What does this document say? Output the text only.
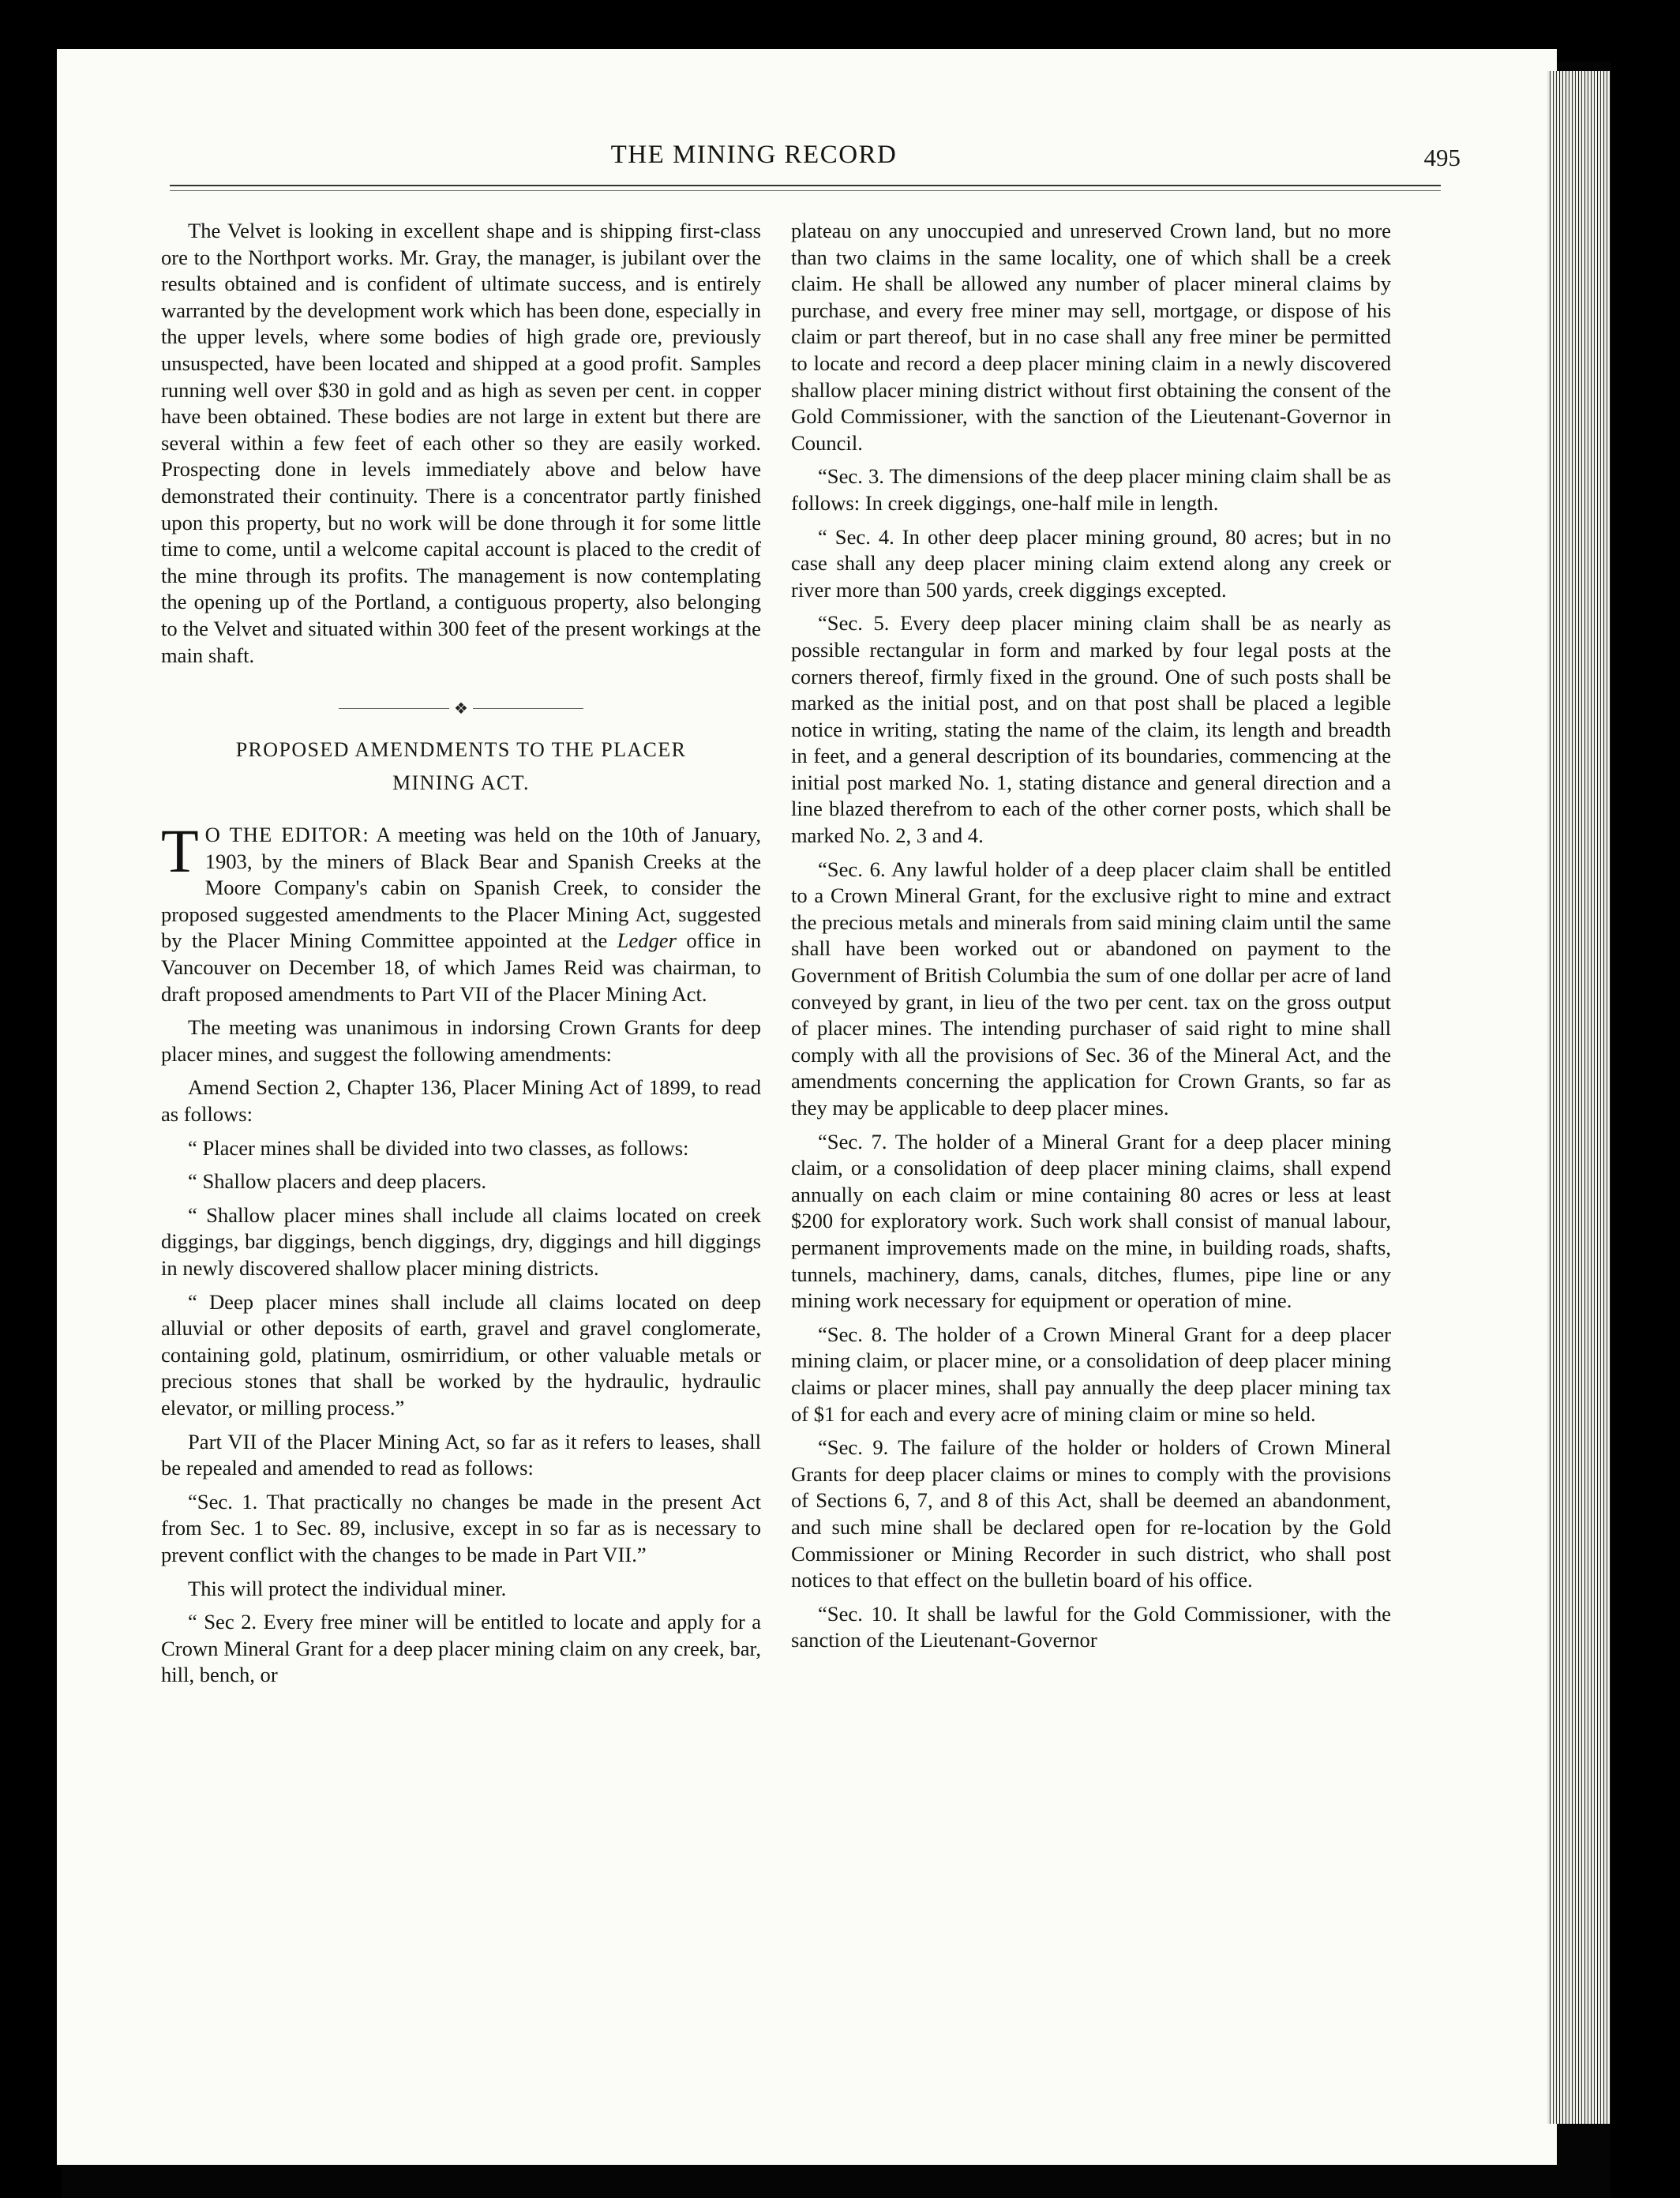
THE MINING RECORD	495

The Velvet is looking in excellent shape and is shipping first-class ore to the Northport works. Mr. Gray, the manager, is jubilant over the results obtained and is confident of ultimate success, and is entirely warranted by the development work which has been done, especially in the upper levels, where some bodies of high grade ore, previously unsuspected, have been located and shipped at a good profit. Samples running well over $30 in gold and as high as seven per cent. in copper have been obtained. These bodies are not large in extent but there are several within a few feet of each other so they are easily worked. Prospecting done in levels immediately above and below have demonstrated their continuity. There is a concentrator partly finished upon this property, but no work will be done through it for some little time to come, until a welcome capital account is placed to the credit of the mine through its profits. The management is now contemplating the opening up of the Portland, a contiguous property, also belonging to the Velvet and situated within 300 feet of the present workings at the main shaft.

❖
PROPOSED AMENDMENTS TO THE PLACER
MINING ACT.

T O THE EDITOR: A meeting was held on the 10th of January, 1903, by the miners of Black Bear and Spanish Creeks at the Moore Company's cabin on Spanish Creek, to consider the proposed suggested amendments to the Placer Mining Act, suggested by the Placer Mining Committee appointed at the Ledger office in Vancouver on December 18, of which James Reid was chairman, to draft proposed amendments to Part VII of the Placer Mining Act.

The meeting was unanimous in indorsing Crown Grants for deep placer mines, and suggest the following amendments:

Amend Section 2, Chapter 136, Placer Mining Act of 1899, to read as follows:

“ Placer mines shall be divided into two classes, as follows:

“ Shallow placers and deep placers.

“ Shallow placer mines shall include all claims located on creek diggings, bar diggings, bench diggings, dry, diggings and hill diggings in newly discovered shallow placer mining districts.

“ Deep placer mines shall include all claims located on deep alluvial or other deposits of earth, gravel and gravel conglomerate, containing gold, platinum, osmirridium, or other valuable metals or precious stones that shall be worked by the hydraulic, hydraulic elevator, or milling process.”

Part VII of the Placer Mining Act, so far as it refers to leases, shall be repealed and amended to read as follows:

“Sec. 1. That practically no changes be made in the present Act from Sec. 1 to Sec. 89, inclusive, except in so far as is necessary to prevent conflict with the changes to be made in Part VII.”

This will protect the individual miner.

“ Sec 2. Every free miner will be entitled to locate and apply for a Crown Mineral Grant for a deep placer mining claim on any creek, bar, hill, bench, or

plateau on any unoccupied and unreserved Crown land, but no more than two claims in the same locality, one of which shall be a creek claim. He shall be allowed any number of placer mineral claims by purchase, and every free miner may sell, mortgage, or dispose of his claim or part thereof, but in no case shall any free miner be permitted to locate and record a deep placer mining claim in a newly discovered shallow placer mining district without first obtaining the consent of the Gold Commissioner, with the sanction of the Lieutenant-Governor in Council.

“Sec. 3. The dimensions of the deep placer mining claim shall be as follows: In creek diggings, one-half mile in length.

“ Sec. 4. In other deep placer mining ground, 80 acres; but in no case shall any deep placer mining claim extend along any creek or river more than 500 yards, creek diggings excepted.

“Sec. 5. Every deep placer mining claim shall be as nearly as possible rectangular in form and marked by four legal posts at the corners thereof, firmly fixed in the ground. One of such posts shall be marked as the initial post, and on that post shall be placed a legible notice in writing, stating the name of the claim, its length and breadth in feet, and a general description of its boundaries, commencing at the initial post marked No. 1, stating distance and general direction and a line blazed therefrom to each of the other corner posts, which shall be marked No. 2, 3 and 4.

“Sec. 6. Any lawful holder of a deep placer claim shall be entitled to a Crown Mineral Grant, for the exclusive right to mine and extract the precious metals and minerals from said mining claim until the same shall have been worked out or abandoned on payment to the Government of British Columbia the sum of one dollar per acre of land conveyed by grant, in lieu of the two per cent. tax on the gross output of placer mines. The intending purchaser of said right to mine shall comply with all the provisions of Sec. 36 of the Mineral Act, and the amendments concerning the application for Crown Grants, so far as they may be applicable to deep placer mines.

“Sec. 7. The holder of a Mineral Grant for a deep placer mining claim, or a consolidation of deep placer mining claims, shall expend annually on each claim or mine containing 80 acres or less at least $200 for exploratory work. Such work shall consist of manual labour, permanent improvements made on the mine, in building roads, shafts, tunnels, machinery, dams, canals, ditches, flumes, pipe line or any mining work necessary for equipment or operation of mine.

“Sec. 8. The holder of a Crown Mineral Grant for a deep placer mining claim, or placer mine, or a consolidation of deep placer mining claims or placer mines, shall pay annually the deep placer mining tax of $1 for each and every acre of mining claim or mine so held.

“Sec. 9. The failure of the holder or holders of Crown Mineral Grants for deep placer claims or mines to comply with the provisions of Sections 6, 7, and 8 of this Act, shall be deemed an abandonment, and such mine shall be declared open for re-location by the Gold Commissioner or Mining Recorder in such district, who shall post notices to that effect on the bulletin board of his office.

“Sec. 10. It shall be lawful for the Gold Commissioner, with the sanction of the Lieutenant-Governor
